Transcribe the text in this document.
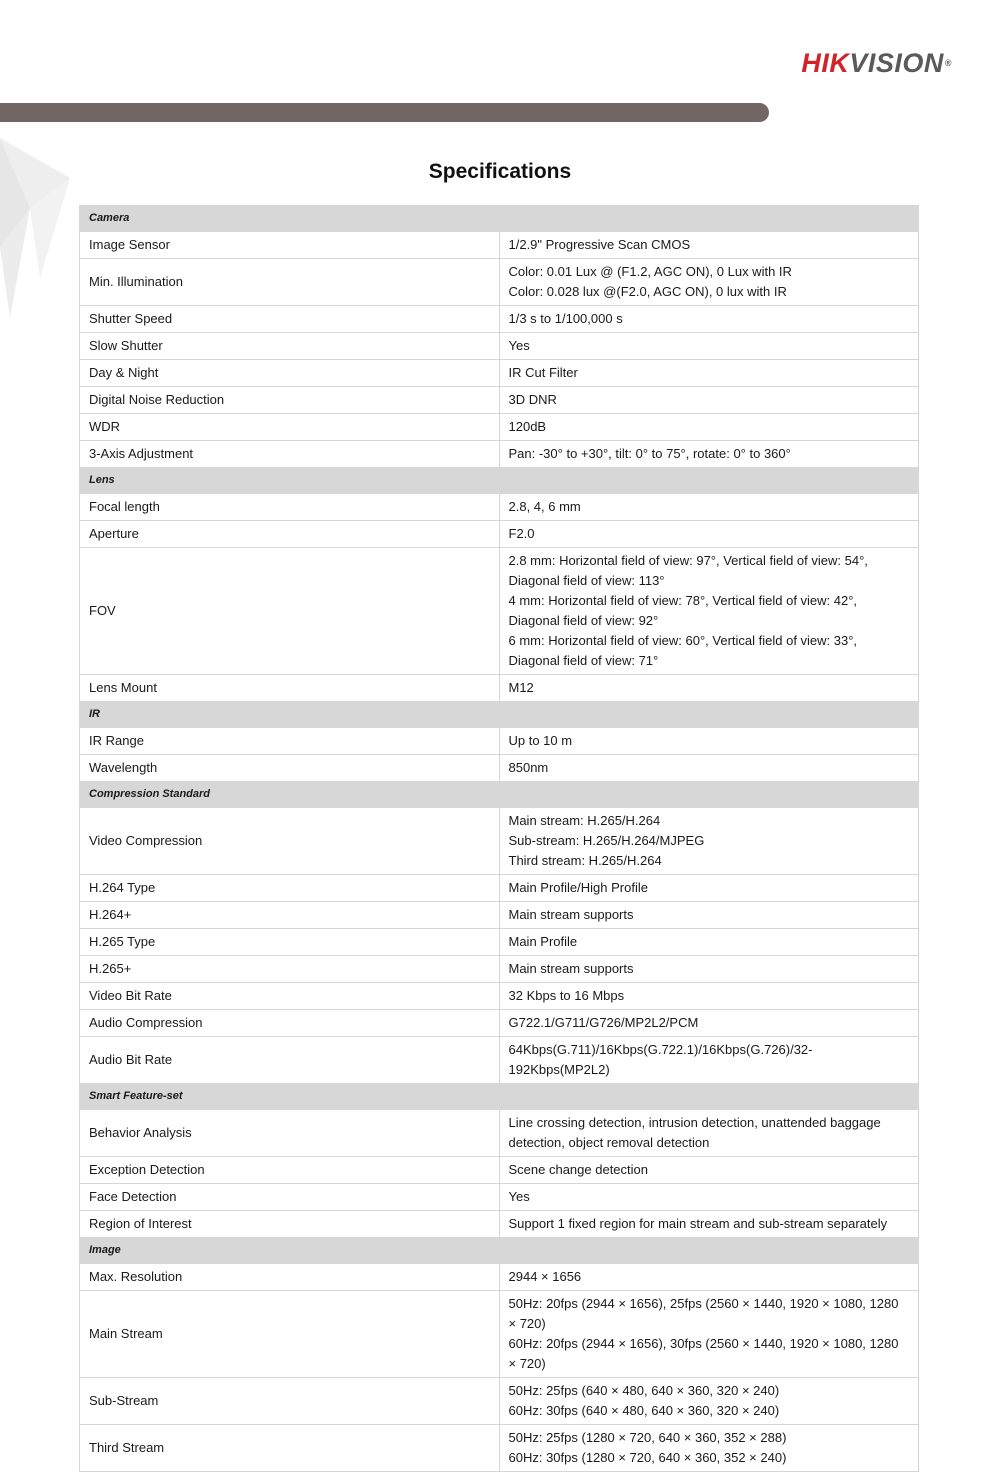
HIKVISION®
Specifications
Camera	
Image Sensor	1/2.9" Progressive Scan CMOS

Min. Illumination	Color: 0.01 Lux @ (F1.2, AGC ON), 0 Lux with IR
Color: 0.028 lux @(F2.0, AGC ON), 0 lux with IR

Shutter Speed	1/3 s to 1/100,000 s

Slow Shutter	Yes

Day & Night	IR Cut Filter

Digital Noise Reduction	3D DNR

WDR	120dB

3-Axis Adjustment	Pan: -30° to +30°, tilt: 0° to 75°, rotate: 0° to 360°

Lens	
Focal length	2.8, 4, 6 mm

Aperture	F2.0

FOV	2.8 mm: Horizontal field of view: 97°, Vertical field of view: 54°, Diagonal field of view: 113°
4 mm: Horizontal field of view: 78°, Vertical field of view: 42°, Diagonal field of view: 92°
6 mm: Horizontal field of view: 60°, Vertical field of view: 33°, Diagonal field of view: 71°

Lens Mount	M12

IR	
IR Range	Up to 10 m

Wavelength	850nm

Compression Standard	
Video Compression	Main stream: H.265/H.264
Sub-stream: H.265/H.264/MJPEG
Third stream: H.265/H.264

H.264 Type	Main Profile/High Profile

H.264+	Main stream supports

H.265 Type	Main Profile

H.265+	Main stream supports

Video Bit Rate	32 Kbps to 16 Mbps

Audio Compression	G722.1/G711/G726/MP2L2/PCM

Audio Bit Rate	64Kbps(G.711)/16Kbps(G.722.1)/16Kbps(G.726)/32-192Kbps(MP2L2)

Smart Feature-set	
Behavior Analysis	Line crossing detection, intrusion detection, unattended baggage detection, object removal detection

Exception Detection	Scene change detection

Face Detection	Yes

Region of Interest	Support 1 fixed region for main stream and sub-stream separately

Image	
Max. Resolution	2944 × 1656

Main Stream	50Hz: 20fps (2944 × 1656), 25fps (2560 × 1440, 1920 × 1080, 1280 × 720)
60Hz: 20fps (2944 × 1656), 30fps (2560 × 1440, 1920 × 1080, 1280 × 720)

Sub-Stream	50Hz: 25fps (640 × 480, 640 × 360, 320 × 240)
60Hz: 30fps (640 × 480, 640 × 360, 320 × 240)

Third Stream	50Hz: 25fps (1280 × 720, 640 × 360, 352 × 288)
60Hz: 30fps (1280 × 720, 640 × 360, 352 × 240)
